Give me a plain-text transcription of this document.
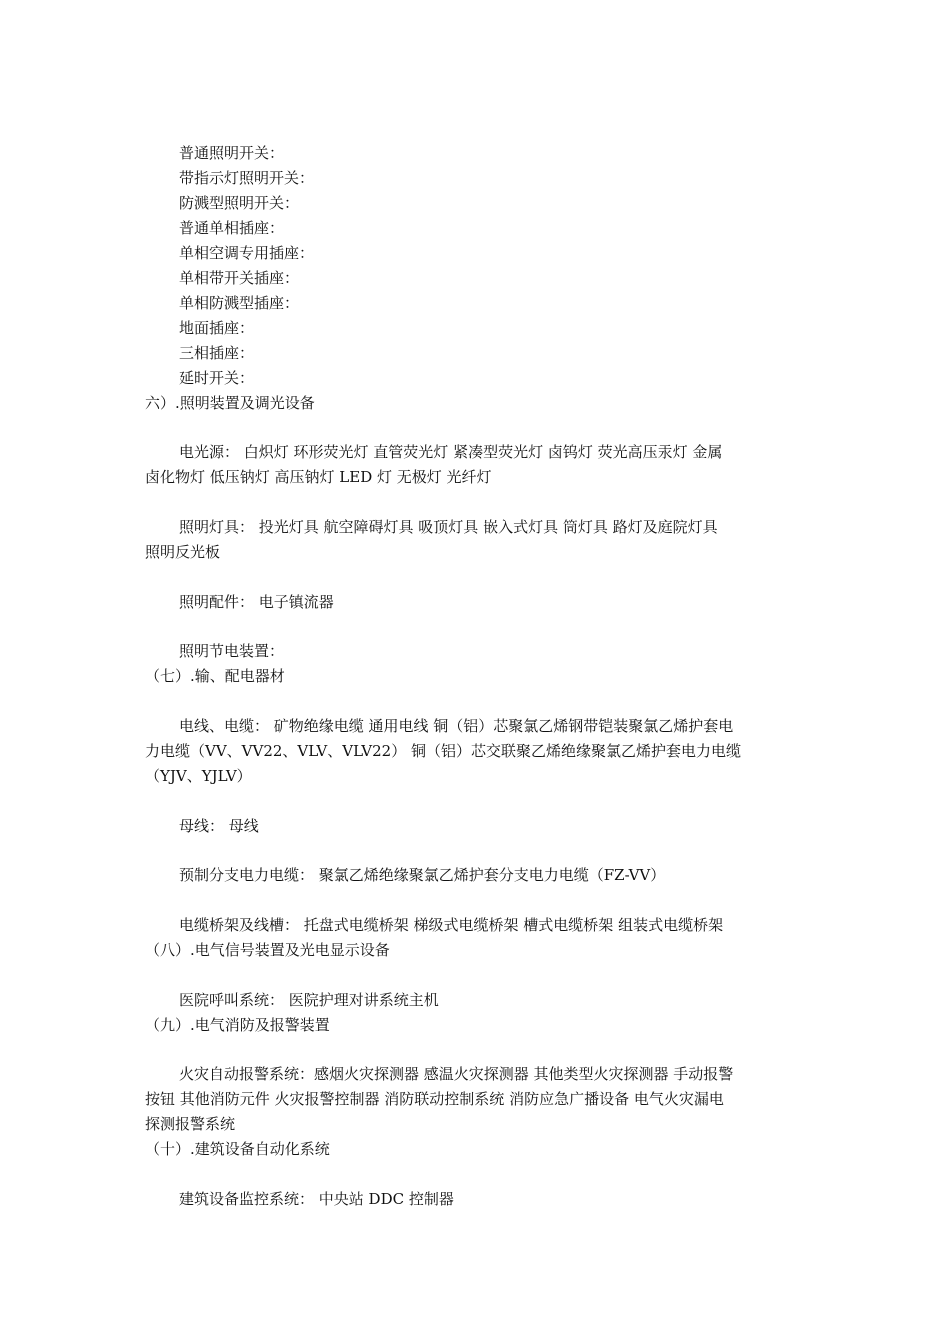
普通照明开关：
带指示灯照明开关：
防溅型照明开关：
普通单相插座：
单相空调专用插座：
单相带开关插座：
单相防溅型插座：
地面插座：
三相插座：
延时开关：
六）.照明装置及调光设备
电光源： 白炽灯 环形荧光灯 直管荧光灯 紧凑型荧光灯 卤钨灯 荧光高压汞灯 金属
卤化物灯 低压钠灯 高压钠灯 LED 灯 无极灯 光纤灯
照明灯具： 投光灯具 航空障碍灯具 吸顶灯具 嵌入式灯具 筒灯具 路灯及庭院灯具
照明反光板
照明配件： 电子镇流器
照明节电装置：
（七）.输、配电器材
电线、电缆： 矿物绝缘电缆 通用电线 铜（铝）芯聚氯乙烯钢带铠装聚氯乙烯护套电
力电缆（VV、VV22、VLV、VLV22） 铜（铝）芯交联聚乙烯绝缘聚氯乙烯护套电力电缆
（YJV、YJLV）
母线： 母线
预制分支电力电缆： 聚氯乙烯绝缘聚氯乙烯护套分支电力电缆（FZ-VV）
电缆桥架及线槽： 托盘式电缆桥架 梯级式电缆桥架 槽式电缆桥架 组装式电缆桥架
（八）.电气信号装置及光电显示设备
医院呼叫系统： 医院护理对讲系统主机
（九）.电气消防及报警装置
火灾自动报警系统：感烟火灾探测器 感温火灾探测器 其他类型火灾探测器 手动报警
按钮 其他消防元件 火灾报警控制器 消防联动控制系统 消防应急广播设备 电气火灾漏电
探测报警系统
（十）.建筑设备自动化系统
建筑设备监控系统： 中央站 DDC 控制器
